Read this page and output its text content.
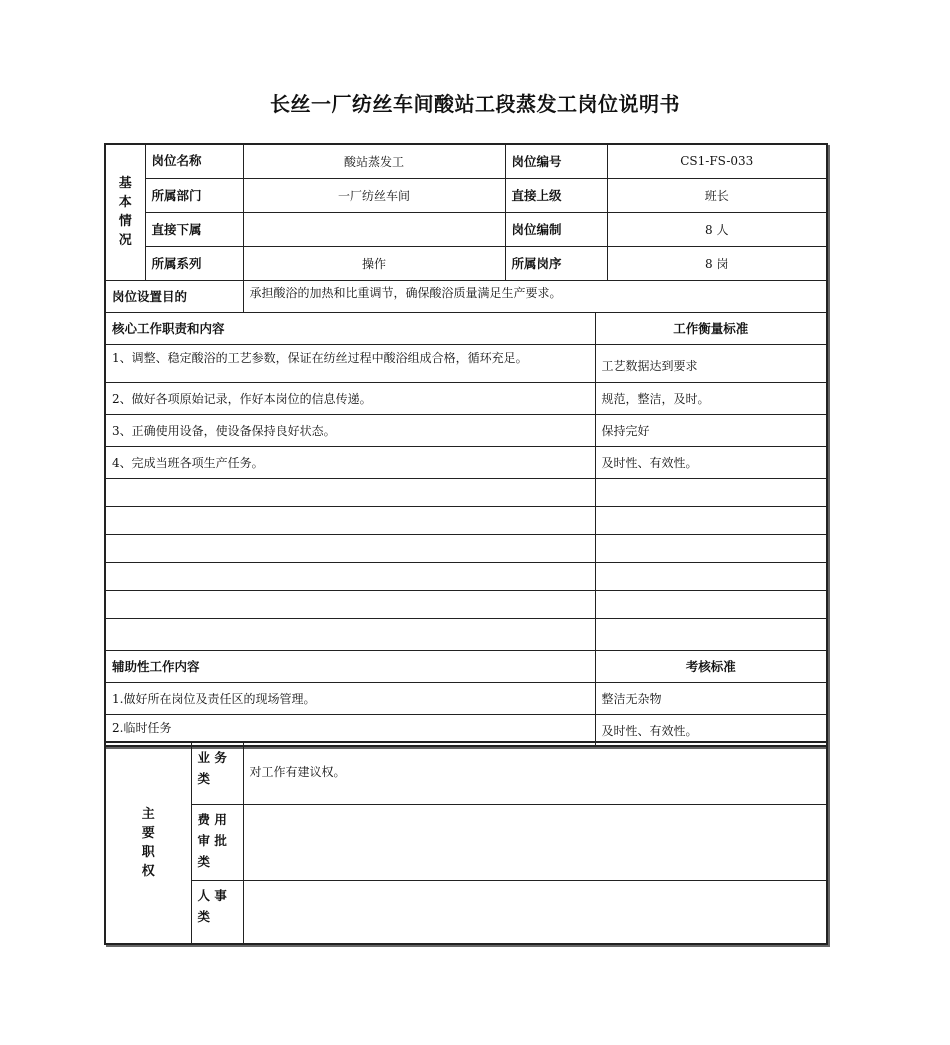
长丝一厂纺丝车间酸站工段蒸发工岗位说明书
基
本
情
况	岗位名称	酸站蒸发工	岗位编号		CS1-FS-033
	所属部门	一厂纺丝车间	直接上级		班长
	直接下属		岗位编制		8 人
	所属系列	操作	所属岗序		8 岗
岗位设置目的		承担酸浴的加热和比重调节，确保酸浴质量满足生产要求。			
核心工作职责和内容				工作衡量标准	
1、调整、稳定酸浴的工艺参数，保证在纺丝过程中酸浴组成合格，循环充足。				工艺数据达到要求	
2、做好各项原始记录，作好本岗位的信息传递。				规范，整洁，及时。	
3、正确使用设备，使设备保持良好状态。				保持完好	
4、完成当班各项生产任务。				及时性、有效性。	

辅助性工作内容				考核标准	
1.做好所在岗位及责任区的现场管理。				整洁无杂物	
2.临时任务				及时性、有效性。	
主
要
职
权	业 务 类	对工作有建议权。
	费 用 审 批 类	
	人 事 类	
